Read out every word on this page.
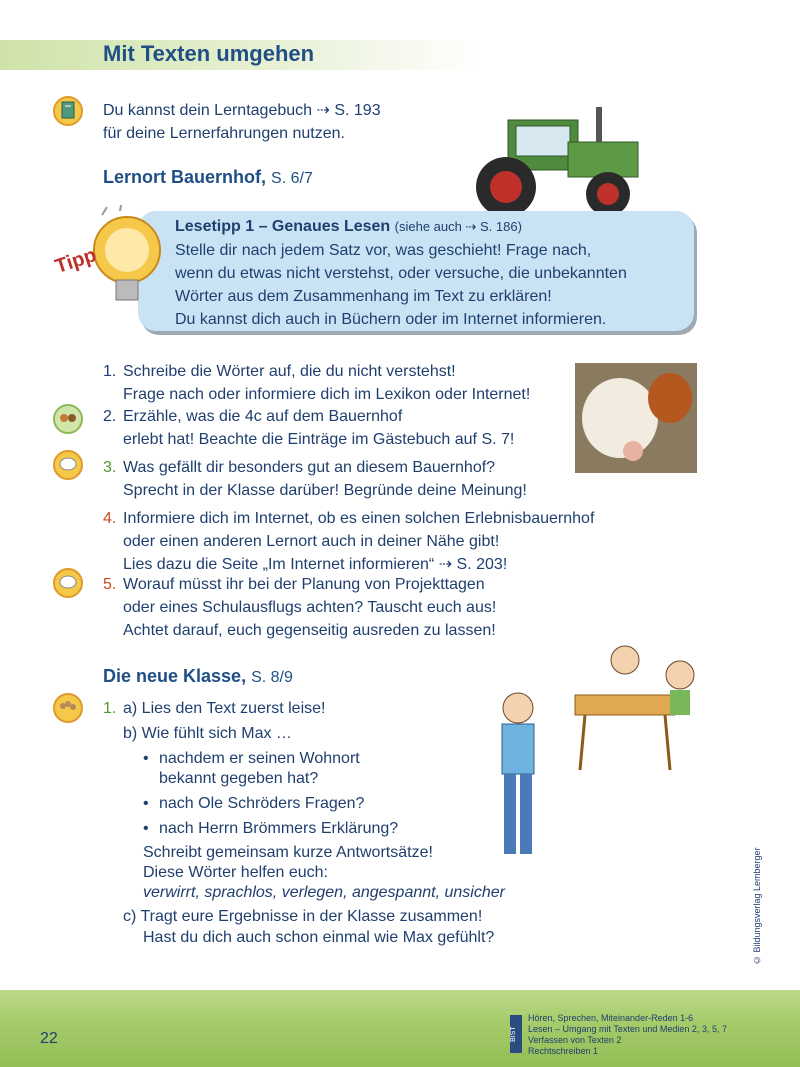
Mit Texten umgehen
Du kannst dein Lerntagebuch ⇢ S. 193
für deine Lernerfahrungen nutzen.
Lernort Bauernhof, S. 6/7
Tipp
Lesetipp 1 – Genaues Lesen (siehe auch ⇢ S. 186)
Stelle dir nach jedem Satz vor, was geschieht! Frage nach,
wenn du etwas nicht verstehst, oder versuche, die unbekannten
Wörter aus dem Zusammenhang im Text zu erklären!
Du kannst dich auch in Büchern oder im Internet informieren.
1. Schreibe die Wörter auf, die du nicht verstehst!
Frage nach oder informiere dich im Lexikon oder Internet!
2. Erzähle, was die 4c auf dem Bauernhof
erlebt hat! Beachte die Einträge im Gästebuch auf S. 7!
3. Was gefällt dir besonders gut an diesem Bauernhof?
Sprecht in der Klasse darüber! Begründe deine Meinung!
4. Informiere dich im Internet, ob es einen solchen Erlebnisbauernhof
oder einen anderen Lernort auch in deiner Nähe gibt!
Lies dazu die Seite „Im Internet informieren“ ⇢ S. 203!
5. Worauf müsst ihr bei der Planung von Projekttagen
oder eines Schulausflugs achten? Tauscht euch aus!
Achtet darauf, euch gegenseitig ausreden zu lassen!
Die neue Klasse, S. 8/9
1. a) Lies den Text zuerst leise!
b) Wie fühlt sich Max …
• nachdem er seinen Wohnort
bekannt gegeben hat?
• nach Ole Schröders Fragen?
• nach Herrn Brömmers Erklärung?
Schreibt gemeinsam kurze Antwortsätze!
Diese Wörter helfen euch:
verwirrt, sprachlos, verlegen, angespannt, unsicher
c) Tragt eure Ergebnisse in der Klasse zusammen!
Hast du dich auch schon einmal wie Max gefühlt?	© Bildungsverlag Lemberger
22	BIST
Hören, Sprechen, Miteinander-Reden 1-6
Lesen – Umgang mit Texten und Medien 2, 3, 5, 7
Verfassen von Texten 2
Rechtschreiben 1
